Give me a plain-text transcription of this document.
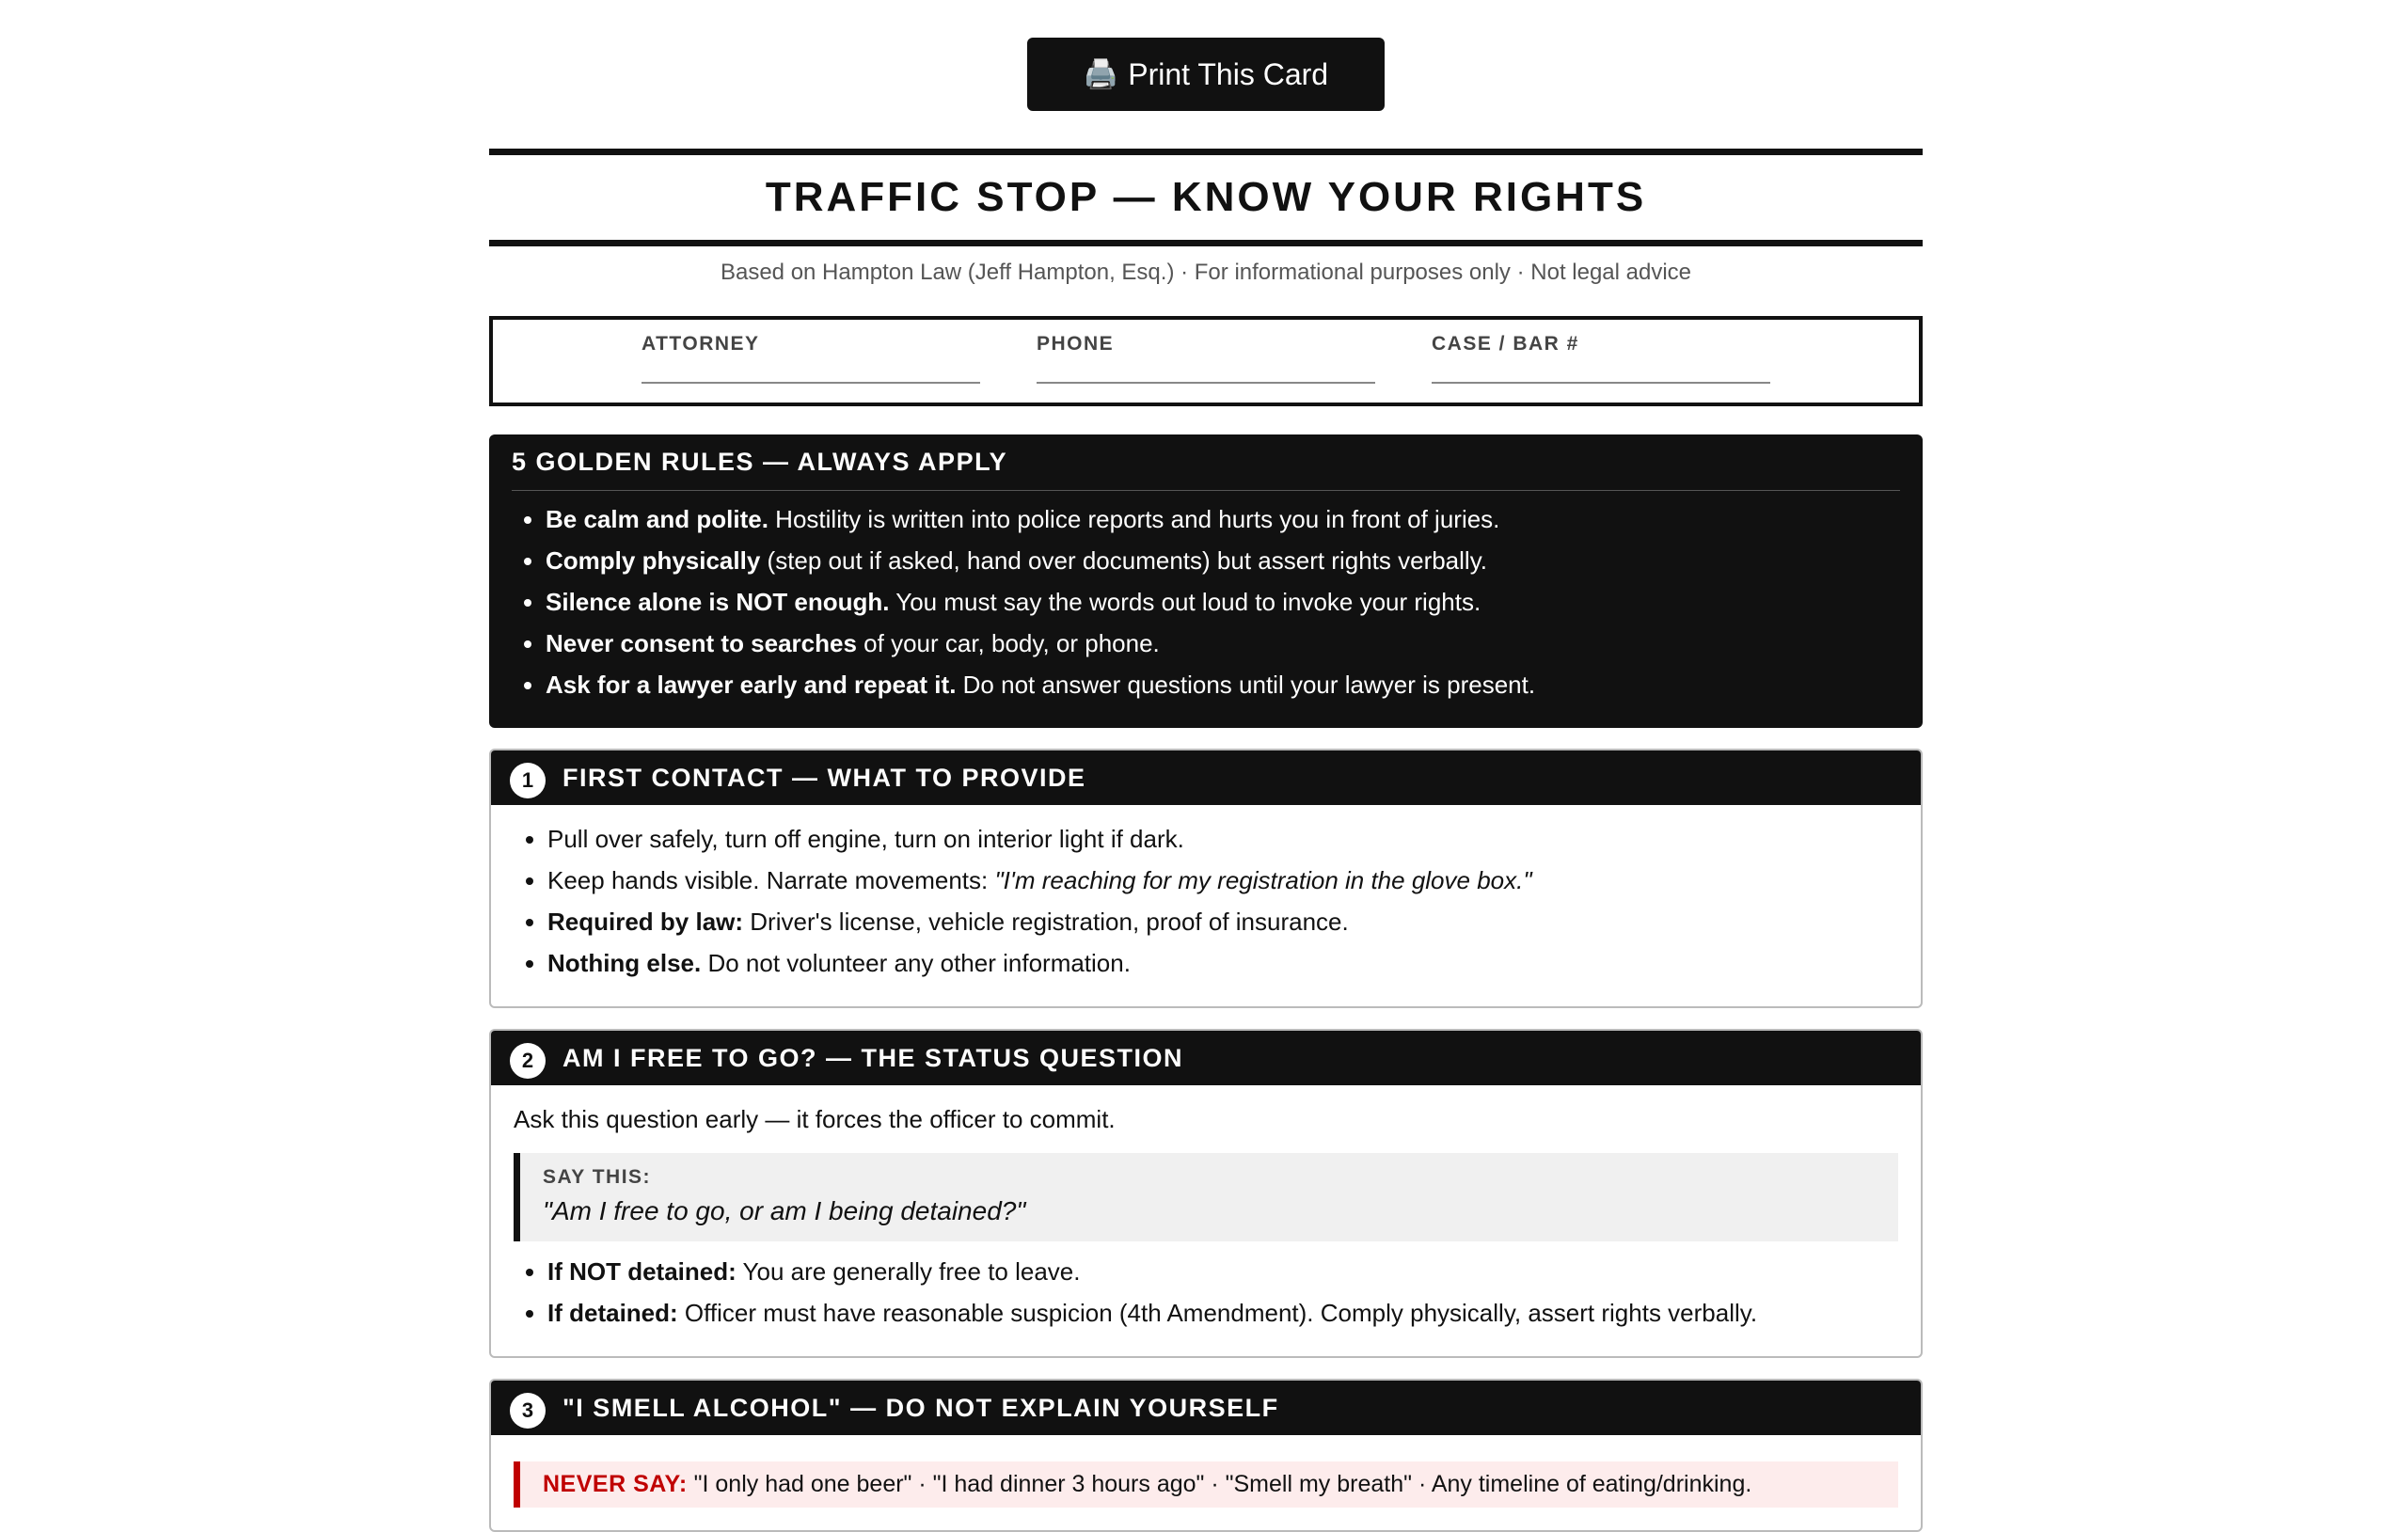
🖨️ Print This Card
TRAFFIC STOP — KNOW YOUR RIGHTS
Based on Hampton Law (Jeff Hampton, Esq.) · For informational purposes only · Not legal advice
ATTORNEY	PHONE	CASE / BAR #
5 GOLDEN RULES — ALWAYS APPLY
• Be calm and polite. Hostility is written into police reports and hurts you in front of juries.
• Comply physically (step out if asked, hand over documents) but assert rights verbally.
• Silence alone is NOT enough. You must say the words out loud to invoke your rights.
• Never consent to searches of your car, body, or phone.
• Ask for a lawyer early and repeat it. Do not answer questions until your lawyer is present.
1	FIRST CONTACT — WHAT TO PROVIDE
• Pull over safely, turn off engine, turn on interior light if dark.
• Keep hands visible. Narrate movements: "I'm reaching for my registration in the glove box."
• Required by law: Driver's license, vehicle registration, proof of insurance.
• Nothing else. Do not volunteer any other information.
2	AM I FREE TO GO? — THE STATUS QUESTION
Ask this question early — it forces the officer to commit.
SAY THIS:
"Am I free to go, or am I being detained?"
• If NOT detained: You are generally free to leave.
• If detained: Officer must have reasonable suspicion (4th Amendment). Comply physically, assert rights verbally.
3	"I SMELL ALCOHOL" — DO NOT EXPLAIN YOURSELF
NEVER SAY: "I only had one beer" · "I had dinner 3 hours ago" · "Smell my breath" · Any timeline of eating/drinking.
